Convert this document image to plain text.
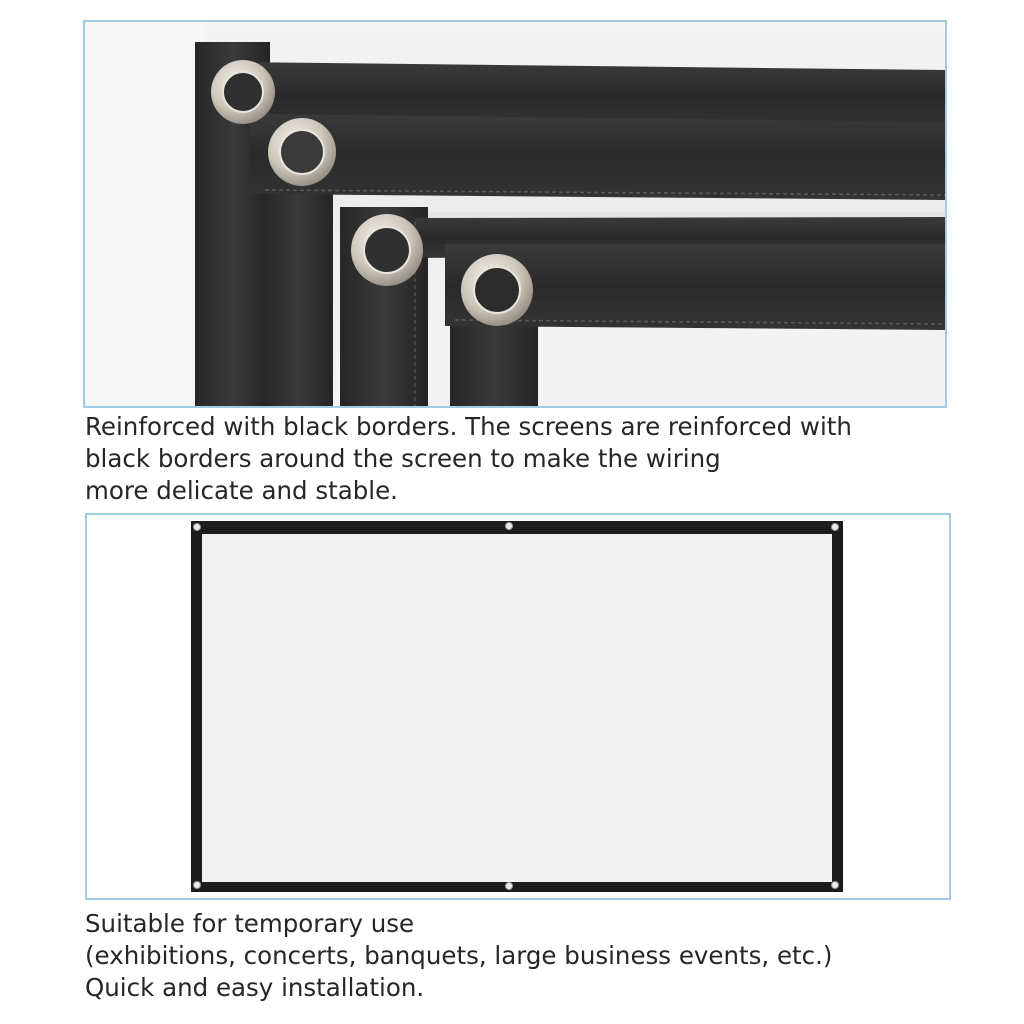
Reinforced with black borders. The screens are reinforced with
black borders around the screen to make the wiring
more delicate and stable.

Suitable for temporary use
(exhibitions, concerts, banquets, large business events, etc.)
Quick and easy installation.
